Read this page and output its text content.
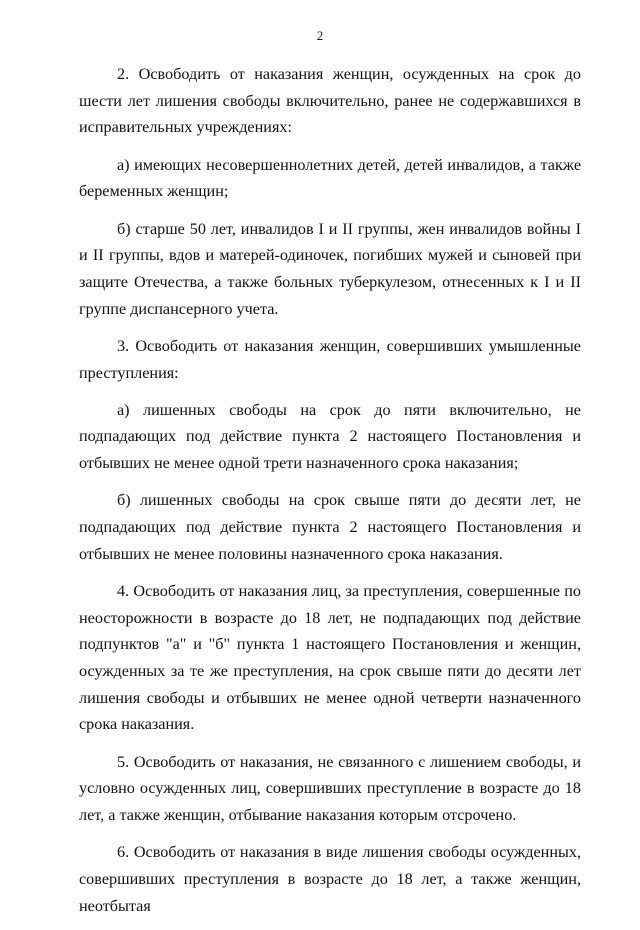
2

2. Освободить от наказания женщин, осужденных на срок до шести лет лишения свободы включительно, ранее не содержавшихся в исправительных учреждениях:

а) имеющих несовершеннолетних детей, детей инвалидов, а также беременных женщин;

б) старше 50 лет, инвалидов I и II группы, жен инвалидов войны I и II группы, вдов и матерей-одиночек, погибших мужей и сыновей при защите Отечества, а также больных туберкулезом, отнесенных к I и II группе диспансерного учета.

3. Освободить от наказания женщин, совершивших умышленные преступления:

а) лишенных свободы на срок до пяти включительно, не подпадающих под действие пункта 2 настоящего Постановления и отбывших не менее одной трети назначенного срока наказания;

б) лишенных свободы на срок свыше пяти до десяти лет, не подпадающих под действие пункта 2 настоящего Постановления и отбывших не менее половины назначенного срока наказания.

4. Освободить от наказания лиц, за преступления, совершенные по неосторожности в возрасте до 18 лет, не подпадающих под действие подпунктов "а" и "б" пункта 1 настоящего Постановления и женщин, осужденных за те же преступления, на срок свыше пяти до десяти лет лишения свободы и отбывших не менее одной четверти назначенного срока наказания.

5. Освободить от наказания, не связанного с лишением свободы, и условно осужденных лиц, совершивших преступление в возрасте до 18 лет, а также женщин, отбывание наказания которым отсрочено.

6. Освободить от наказания в виде лишения свободы осужденных, совершивших преступления в возрасте до 18 лет, а также женщин, неотбытая
